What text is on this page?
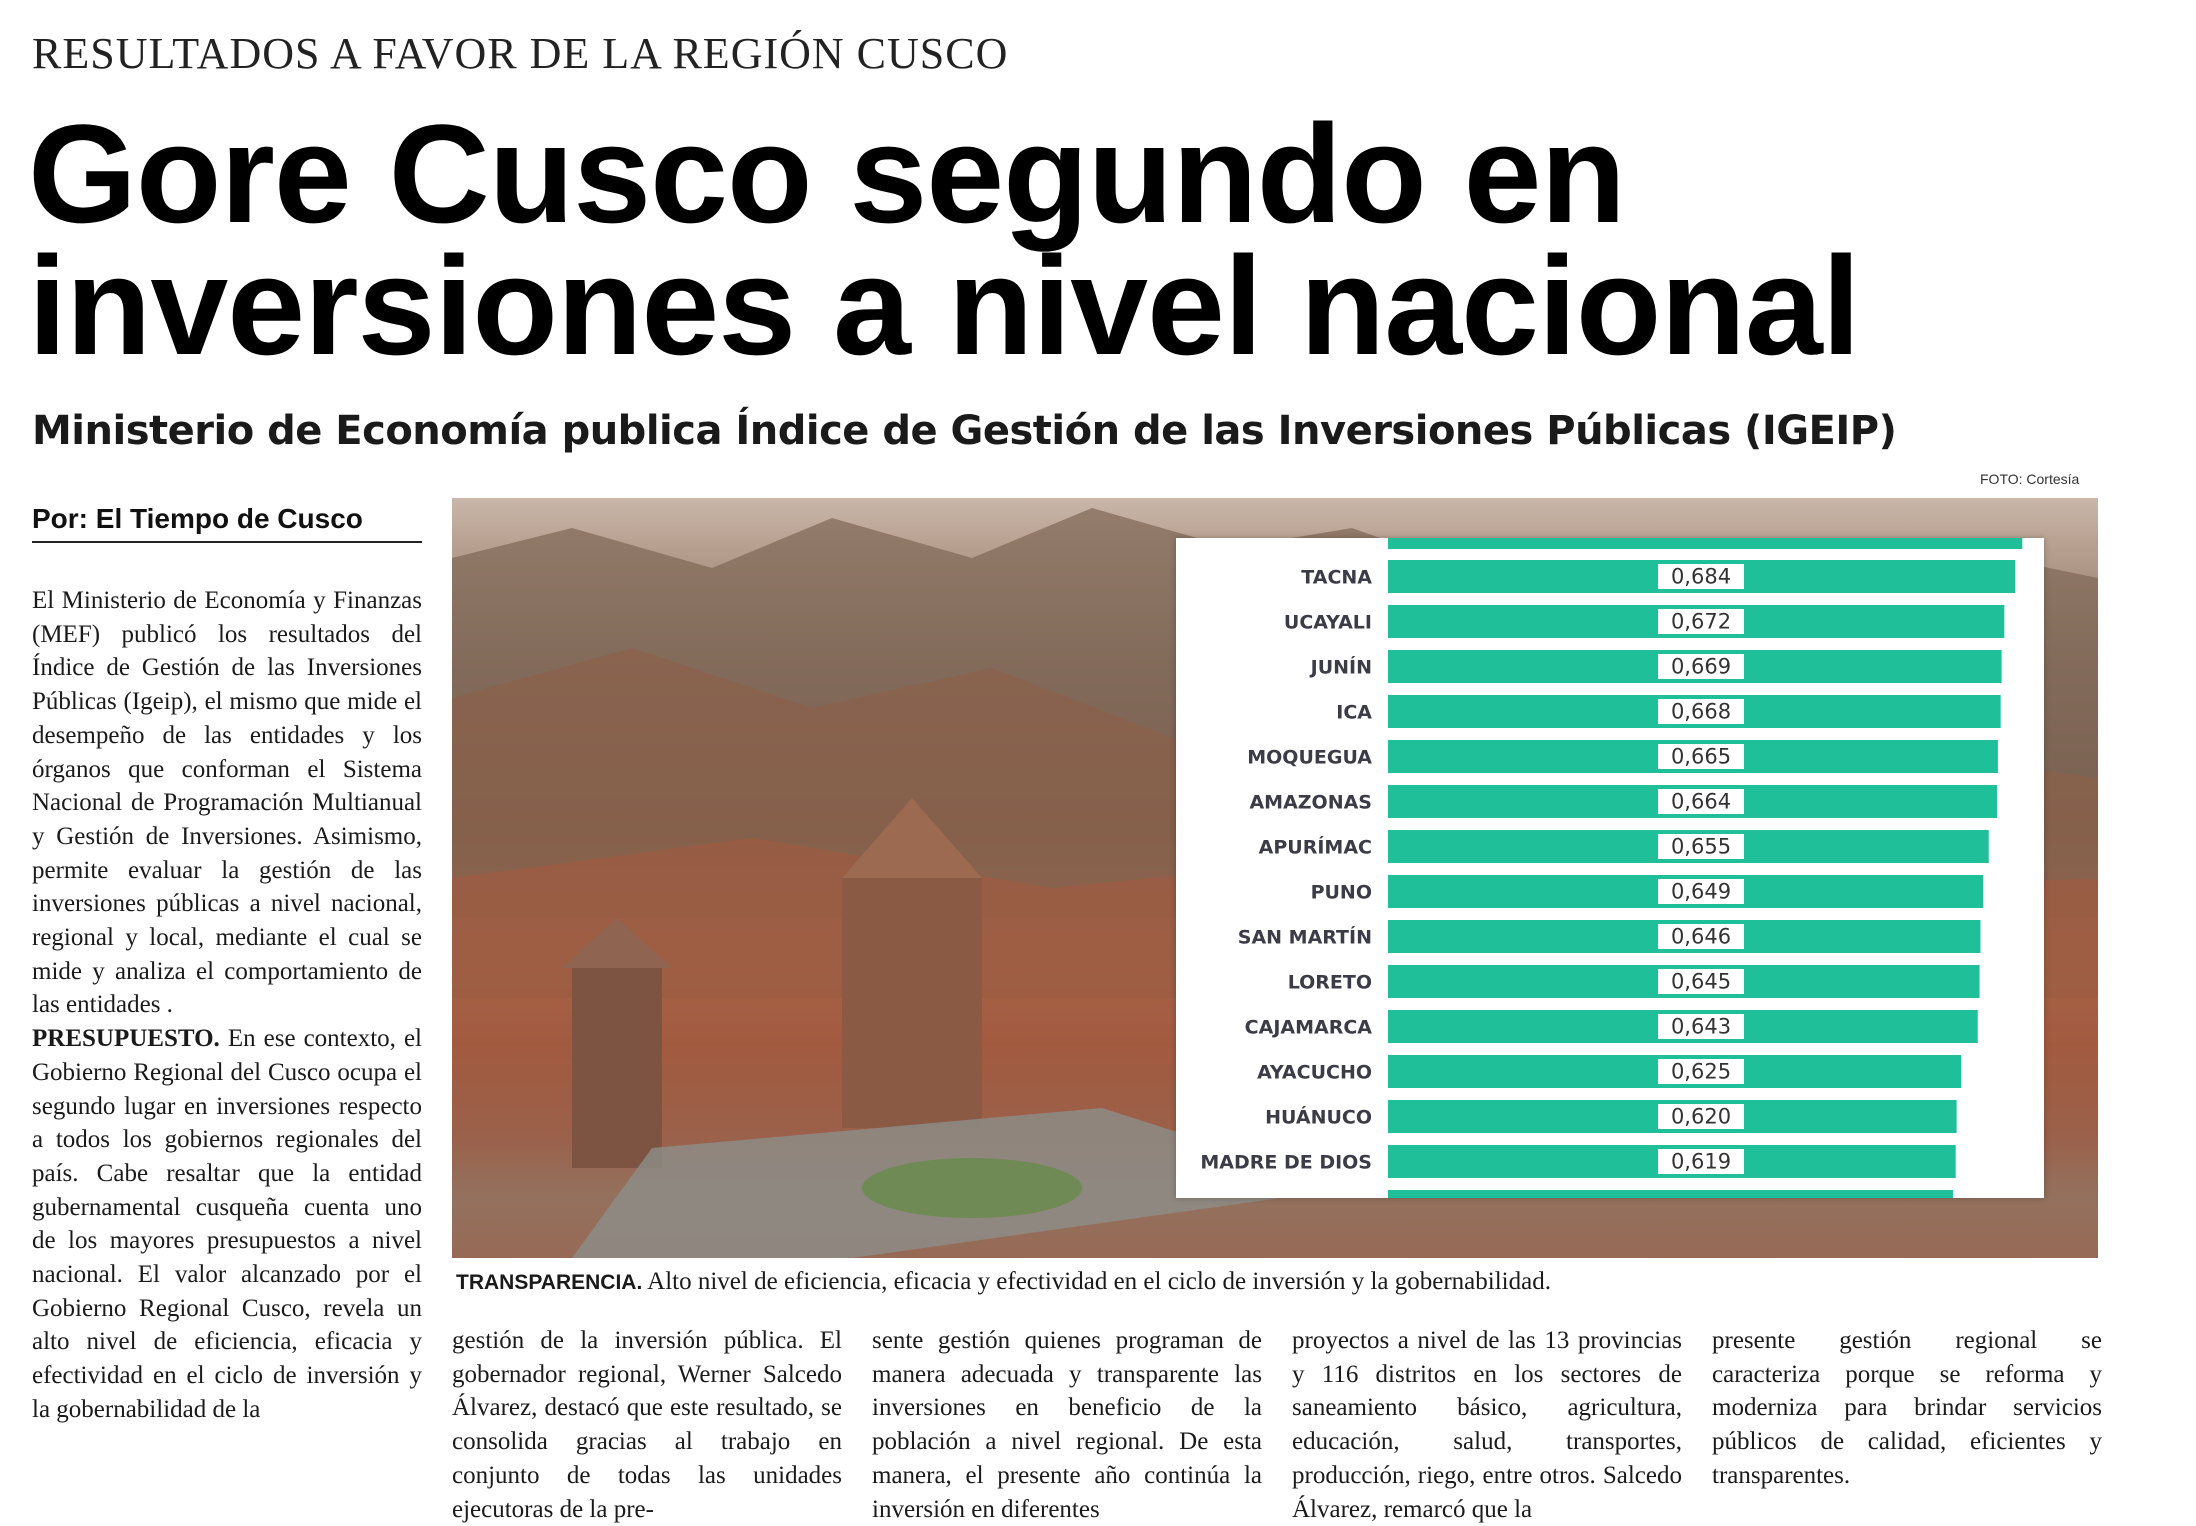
RESULTADOS A FAVOR DE LA REGIÓN CUSCO
Gore Cusco segundo en inversiones a nivel nacional
Ministerio de Economía publica Índice de Gestión de las Inversiones Públicas (IGEIP)
FOTO: Cortesía
Por: El Tiempo de Cusco

El Ministerio de Economía y Finanzas (MEF) publicó los resultados del Índice de Gestión de las Inversiones Públicas (Igeip), el mismo que mide el desempeño de las entidades y los órganos que conforman el Sistema Nacional de Programación Multianual y Gestión de Inversiones. Asimismo, permite evaluar la gestión de las inversiones públicas a nivel nacional, regional y local, mediante el cual se mide y analiza el comportamiento de las entidades .

PRESUPUESTO. En ese contexto, el Gobierno Regional del Cusco ocupa el segundo lugar en inversiones respecto a todos los gobiernos regionales del país. Cabe resaltar que la entidad gubernamental cusqueña cuenta uno de los mayores presupuestos a nivel nacional. El valor alcanzado por el Gobierno Regional Cusco, revela un alto nivel de eficiencia, eficacia y efectividad en el ciclo de inversión y la gobernabilidad de la

0,684
TACNA
0,672
UCAYALI
0,669
JUNÍN
0,668
ICA
0,665
MOQUEGUA
0,664
AMAZONAS
0,655
APURÍMAC
0,649
PUNO
0,646
SAN MARTÍN
0,645
LORETO
0,643
CAJAMARCA
0,625
AYACUCHO
0,620
HUÁNUCO
0,619
MADRE DE DIOS
TRANSPARENCIA. Alto nivel de eficiencia, eficacia y efectividad en el ciclo de inversión y la gobernabilidad.

gestión de la inversión pública. El gobernador regional, Werner Salcedo Álvarez, destacó que este resultado, se consolida gracias al trabajo en conjunto de todas las unidades ejecutoras de la pre-

sente gestión quienes programan de manera adecuada y transparente las inversiones en beneficio de la población a nivel regional. De esta manera, el presente año continúa la inversión en diferentes

proyectos a nivel de las 13 provincias y 116 distritos en los sectores de saneamiento básico, agricultura, educación, salud, transportes, producción, riego, entre otros. Salcedo Álvarez, remarcó que la

presente gestión regional se caracteriza porque se reforma y moderniza para brindar servicios públicos de calidad, eficientes y transparentes.
